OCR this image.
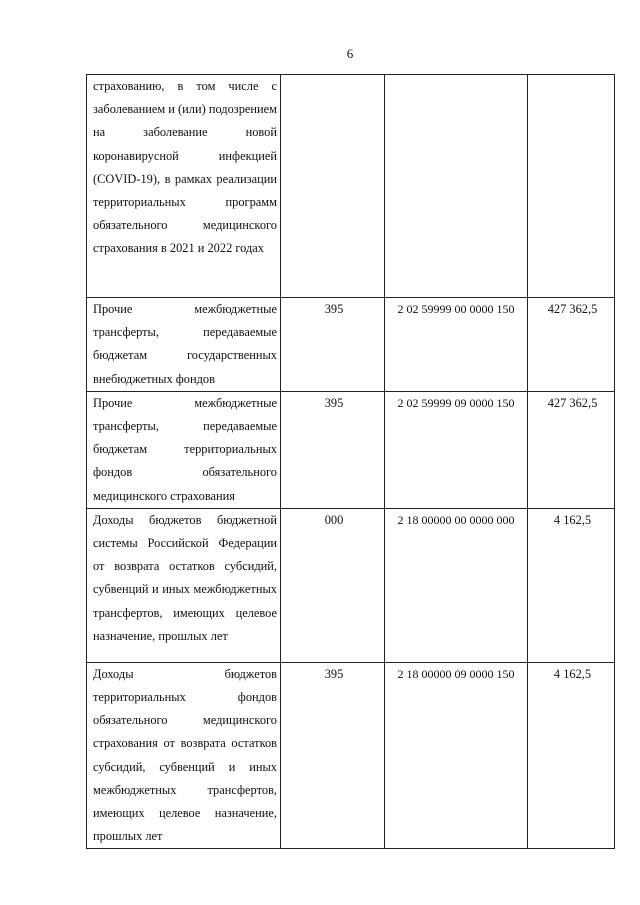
6
страхованию, в том числе с заболеванием и (или) подозрением на заболевание новой коронавирусной инфекцией (COVID-19), в рамках реализации территориальных программ обязательного медицинского страхования в 2021 и 2022 годах			
Прочие межбюджетные трансферты, передаваемые бюджетам государственных внебюджетных фондов	395	2 02 59999 00 0000 150	427 362,5
Прочие межбюджетные трансферты, передаваемые бюджетам территориальных фондов обязательного медицинского страхования	395	2 02 59999 09 0000 150	427 362,5
Доходы бюджетов бюджетной системы Российской Федерации от возврата остатков субсидий, субвенций и иных межбюджетных трансфертов, имеющих целевое назначение, прошлых лет	000	2 18 00000 00 0000 000	4 162,5
Доходы бюджетов территориальных фондов обязательного медицинского страхования от возврата остатков субсидий, субвенций и иных межбюджетных трансфертов, имеющих целевое назначение, прошлых лет	395	2 18 00000 09 0000 150	4 162,5
